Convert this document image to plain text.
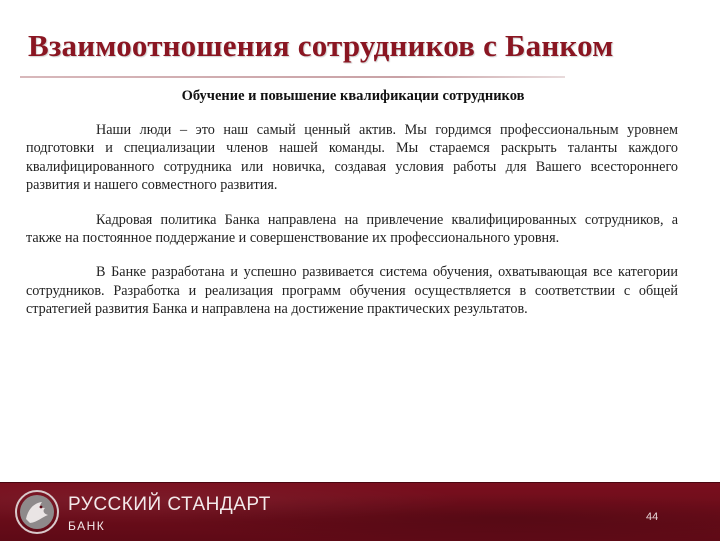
Взаимоотношения сотрудников с Банком
Обучение и повышение квалификации сотрудников

Наши люди – это наш самый ценный актив. Мы гордимся профессиональным уровнем подготовки и специализации членов нашей команды. Мы стараемся раскрыть таланты каждого квалифицированного сотрудника или новичка, создавая условия работы для Вашего всестороннего развития и нашего совместного развития.

Кадровая политика Банка направлена на привлечение квалифицированных сотрудников, а также на постоянное поддержание и совершенствование их профессионального уровня.

В Банке разработана и успешно развивается система обучения, охватывающая все категории сотрудников. Разработка и реализация программ обучения осуществляется в соответствии с общей стратегией развития Банка и направлена на достижение практических результатов.

РУССКИЙ СТАНДАРТ
БАНК
44
